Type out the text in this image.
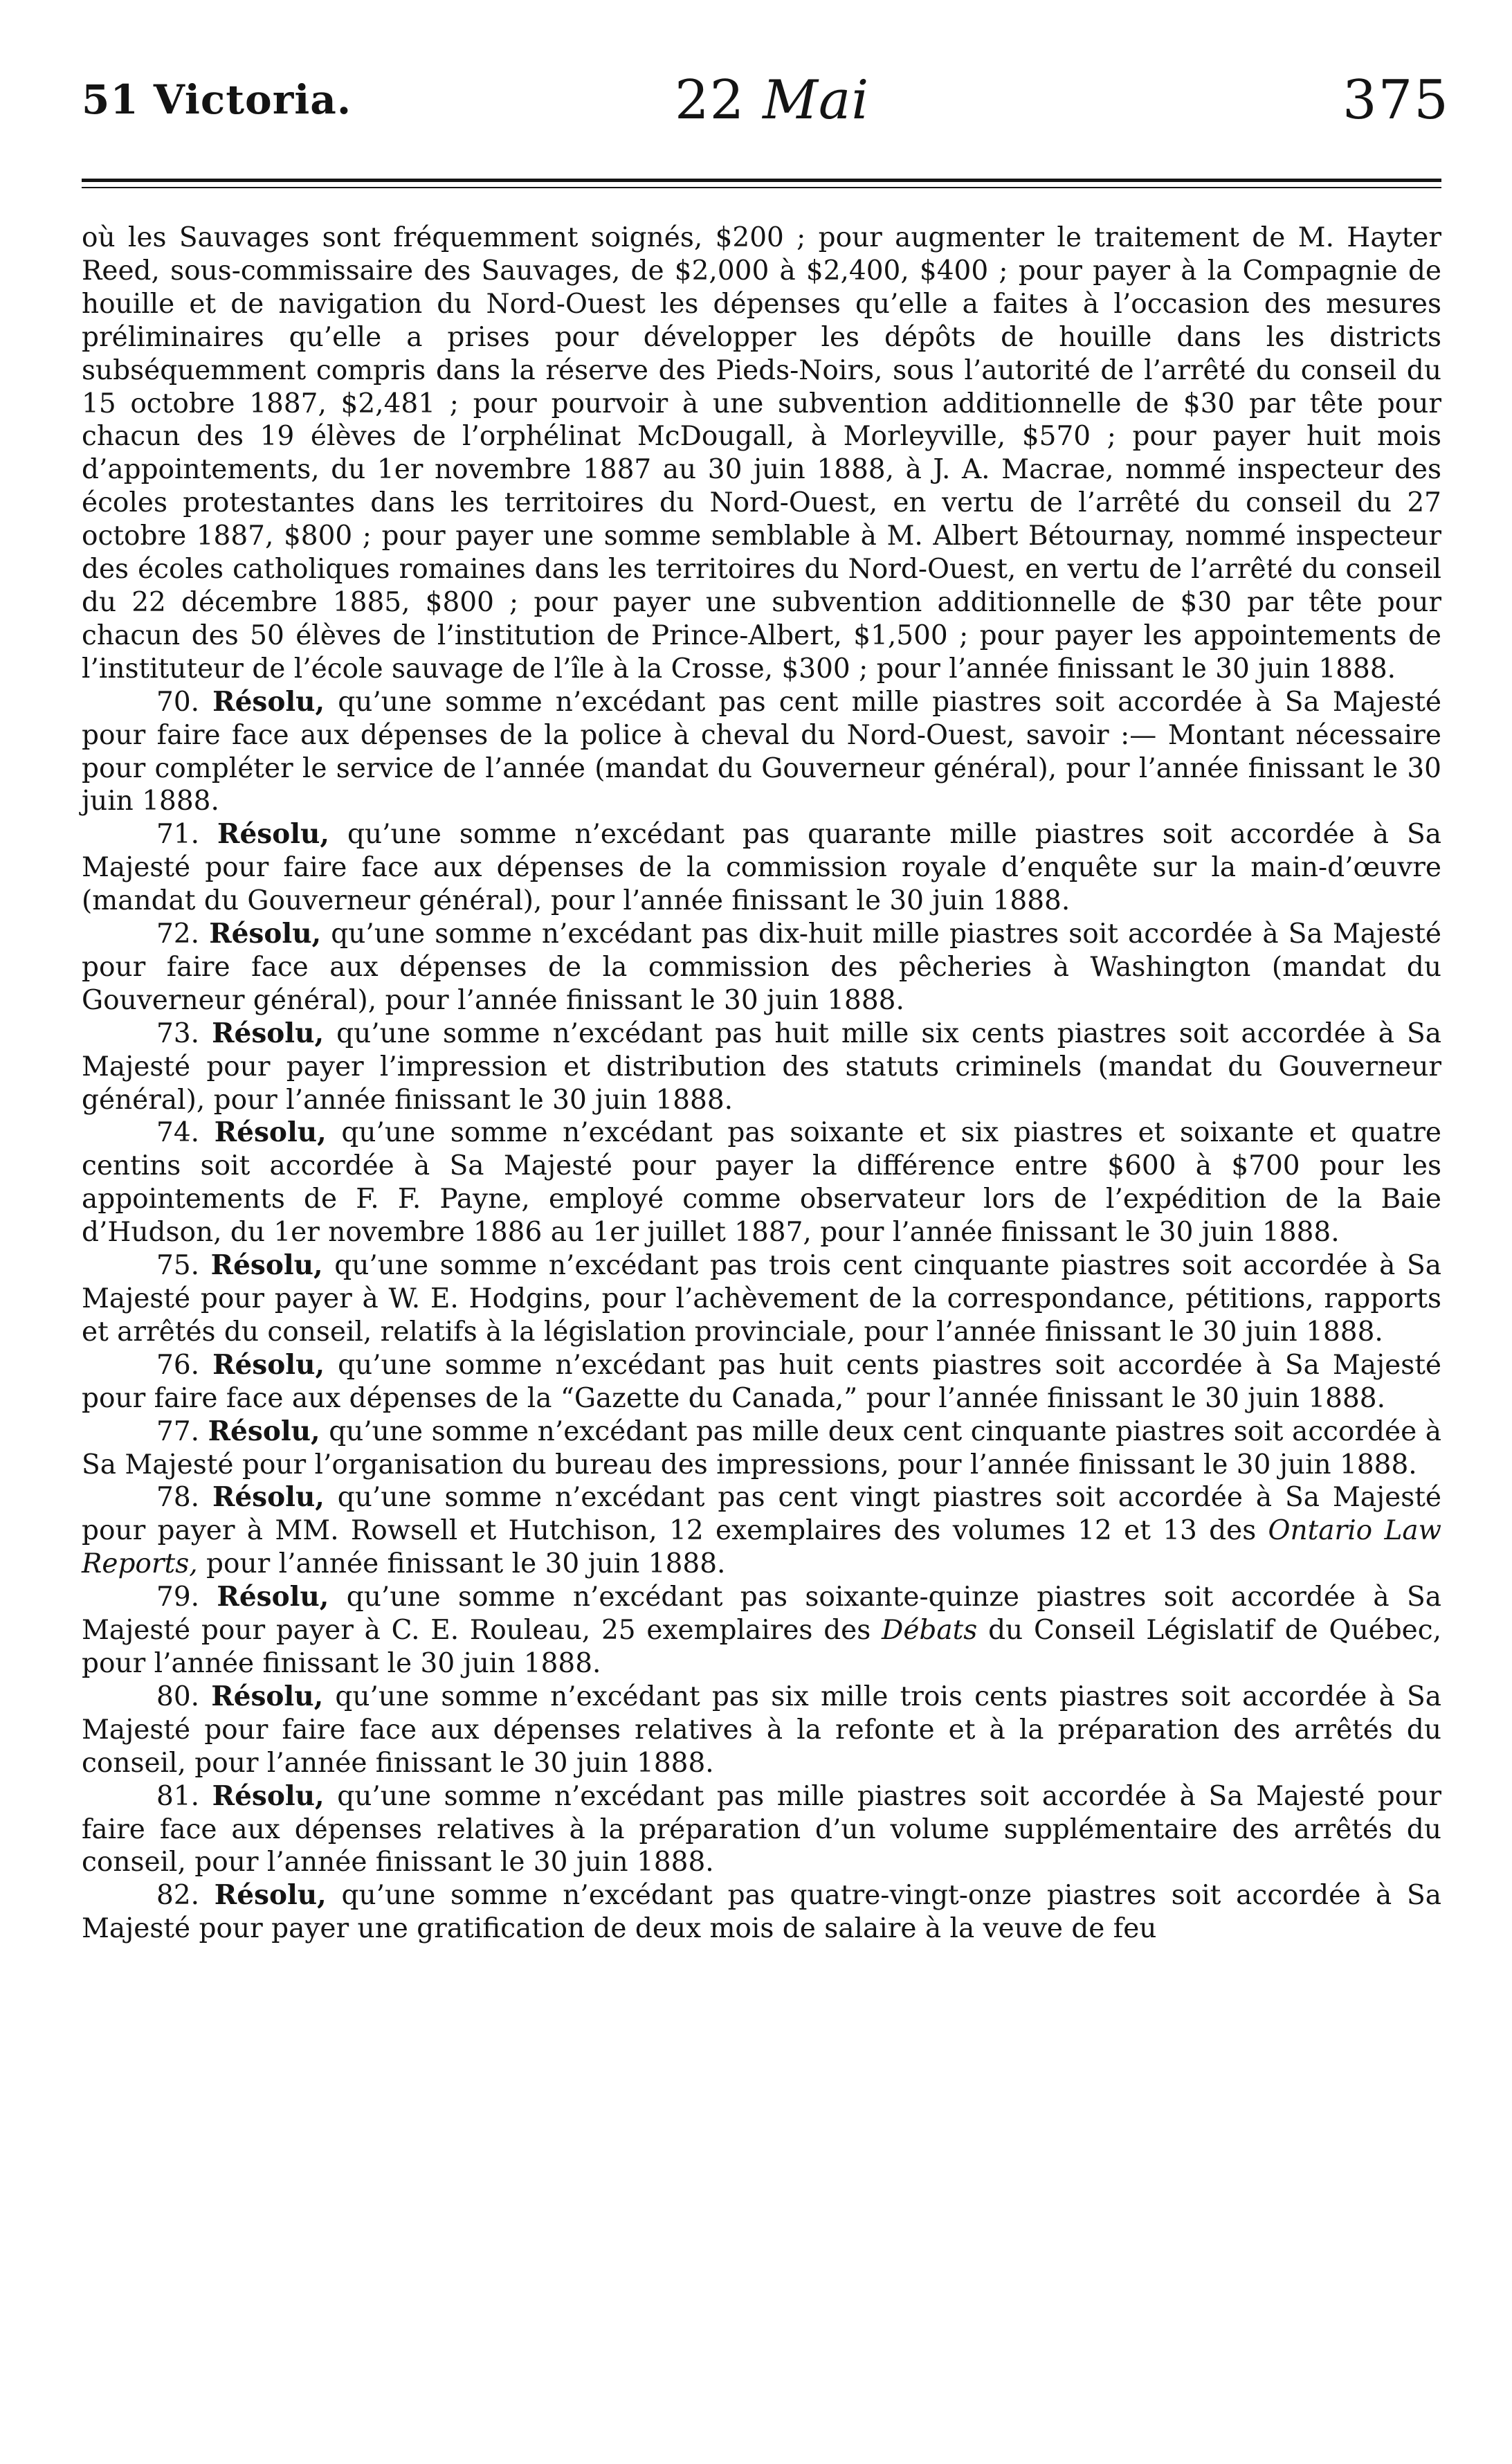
51 Victoria.	22 Mai	375

où les Sauvages sont fréquemment soignés, $200 ; pour augmenter le traitement de M. Hayter Reed, sous-commissaire des Sauvages, de $2,000 à $2,400, $400 ; pour payer à la Compagnie de houille et de navigation du Nord-Ouest les dépenses qu’elle a faites à l’occasion des mesures préliminaires qu’elle a prises pour développer les dépôts de houille dans les districts subséquemment compris dans la réserve des Pieds-Noirs, sous l’autorité de l’arrêté du conseil du 15 octobre 1887, $2,481 ; pour pourvoir à une subvention additionnelle de $30 par tête pour chacun des 19 élèves de l’orphélinat McDougall, à Morleyville, $570 ; pour payer huit mois d’appointements, du 1er novembre 1887 au 30 juin 1888, à J. A. Macrae, nommé inspecteur des écoles protestantes dans les territoires du Nord-Ouest, en vertu de l’arrêté du conseil du 27 octobre 1887, $800 ; pour payer une somme semblable à M. Albert Bétournay, nommé inspecteur des écoles catholiques romaines dans les territoires du Nord-Ouest, en vertu de l’arrêté du conseil du 22 décembre 1885, $800 ; pour payer une subvention additionnelle de $30 par tête pour chacun des 50 élèves de l’institution de Prince-Albert, $1,500 ; pour payer les appointements de l’instituteur de l’école sauvage de l’île à la Crosse, $300 ; pour l’année finissant le 30 juin 1888.

70. Résolu, qu’une somme n’excédant pas cent mille piastres soit accordée à Sa Majesté pour faire face aux dépenses de la police à cheval du Nord-Ouest, savoir :— Montant nécessaire pour compléter le service de l’année (mandat du Gouverneur général), pour l’année finissant le 30 juin 1888.

71. Résolu, qu’une somme n’excédant pas quarante mille piastres soit accordée à Sa Majesté pour faire face aux dépenses de la commission royale d’enquête sur la main-d’œuvre (mandat du Gouverneur général), pour l’année finissant le 30 juin 1888.

72. Résolu, qu’une somme n’excédant pas dix-huit mille piastres soit accordée à Sa Majesté pour faire face aux dépenses de la commission des pêcheries à Washington (mandat du Gouverneur général), pour l’année finissant le 30 juin 1888.

73. Résolu, qu’une somme n’excédant pas huit mille six cents piastres soit accordée à Sa Majesté pour payer l’impression et distribution des statuts criminels (mandat du Gouverneur général), pour l’année finissant le 30 juin 1888.

74. Résolu, qu’une somme n’excédant pas soixante et six piastres et soixante et quatre centins soit accordée à Sa Majesté pour payer la différence entre $600 à $700 pour les appointements de F. F. Payne, employé comme observateur lors de l’expédition de la Baie d’Hudson, du 1er novembre 1886 au 1er juillet 1887, pour l’année finissant le 30 juin 1888.

75. Résolu, qu’une somme n’excédant pas trois cent cinquante piastres soit accordée à Sa Majesté pour payer à W. E. Hodgins, pour l’achèvement de la correspondance, pétitions, rapports et arrêtés du conseil, relatifs à la législation provinciale, pour l’année finissant le 30 juin 1888.

76. Résolu, qu’une somme n’excédant pas huit cents piastres soit accordée à Sa Majesté pour faire face aux dépenses de la “Gazette du Canada,” pour l’année finissant le 30 juin 1888.

77. Résolu, qu’une somme n’excédant pas mille deux cent cinquante piastres soit accordée à Sa Majesté pour l’organisation du bureau des impressions, pour l’année finissant le 30 juin 1888.

78. Résolu, qu’une somme n’excédant pas cent vingt piastres soit accordée à Sa Majesté pour payer à MM. Rowsell et Hutchison, 12 exemplaires des volumes 12 et 13 des Ontario Law Reports, pour l’année finissant le 30 juin 1888.

79. Résolu, qu’une somme n’excédant pas soixante-quinze piastres soit accordée à Sa Majesté pour payer à C. E. Rouleau, 25 exemplaires des Débats du Conseil Législatif de Québec, pour l’année finissant le 30 juin 1888.

80. Résolu, qu’une somme n’excédant pas six mille trois cents piastres soit accordée à Sa Majesté pour faire face aux dépenses relatives à la refonte et à la préparation des arrêtés du conseil, pour l’année finissant le 30 juin 1888.

81. Résolu, qu’une somme n’excédant pas mille piastres soit accordée à Sa Majesté pour faire face aux dépenses relatives à la préparation d’un volume supplémentaire des arrêtés du conseil, pour l’année finissant le 30 juin 1888.

82. Résolu, qu’une somme n’excédant pas quatre-vingt-onze piastres soit accordée à Sa Majesté pour payer une gratification de deux mois de salaire à la veuve de feu
